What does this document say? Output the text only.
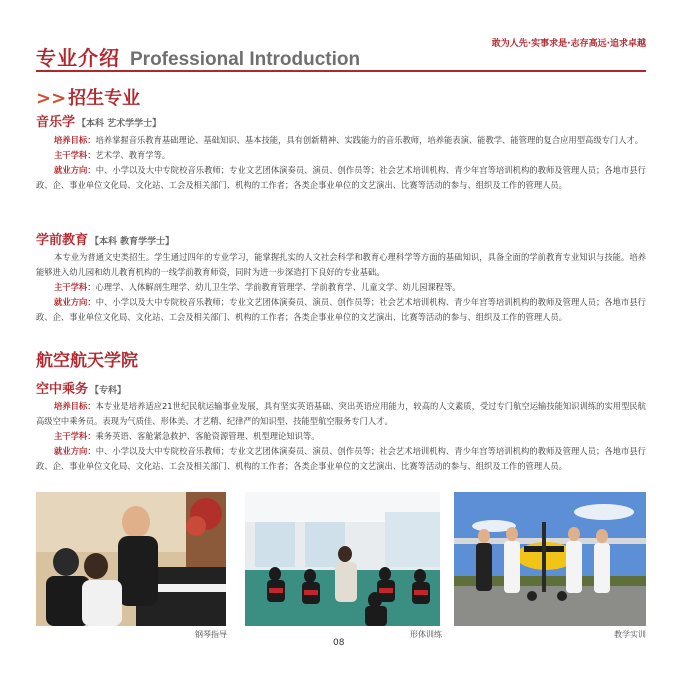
专业介绍 Professional Introduction
敢为人先·实事求是·志存高远·追求卓越
>> 招生专业
音乐学 【本科 艺术学学士】
培养目标：培养掌握音乐教育基础理论、基础知识、基本技能，具有创新精神、实践能力的音乐教师，培养能表演、能教学、能管理的复合应用型高级专门人才。
主干学科：艺术学、教育学等。
就业方向：中、小学以及大中专院校音乐教师；专业文艺团体演奏员、演员、创作员等；社会艺术培训机构、青少年宫等培训机构的教师及管理人员；各地市县行政、企、事业单位文化局、文化站、工会及相关部门、机构的工作者；各类企事业单位的文艺演出、比赛等活动的参与、组织及工作的管理人员。
学前教育 【本科 教育学学士】
本专业为普通文史类招生。学生通过四年的专业学习，能掌握扎实的人文社会科学和教育心理科学等方面的基础知识，具备全面的学前教育专业知识与技能。培养能够进入幼儿园和幼儿教育机构的一线学前教育师资，同时为进一步深造打下良好的专业基础。
主干学科：心理学、人体解剖生理学、幼儿卫生学、学前教育管理学、学前教育学、儿童文学、幼儿园课程等。
就业方向：中、小学以及大中专院校音乐教师；专业文艺团体演奏员、演员、创作员等；社会艺术培训机构、青少年宫等培训机构的教师及管理人员；各地市县行政、企、事业单位文化局、文化站、工会及相关部门、机构的工作者；各类企事业单位的文艺演出、比赛等活动的参与、组织及工作的管理人员。
航空航天学院
空中乘务 【专科】
培养目标：本专业是培养适应21世纪民航运输事业发展，具有坚实英语基础、突出英语应用能力，较高的人文素质，受过专门航空运输技能知识训练的实用型民航高级空中乘务员。表现为气质佳、形体美、才艺精、纪律严的知识型、技能型航空服务专门人才。
主干学科：乘务英语、客舱紧急救护、客舱资源管理、机型理论知识等。
就业方向：中、小学以及大中专院校音乐教师；专业文艺团体演奏员、演员、创作员等；社会艺术培训机构、青少年宫等培训机构的教师及管理人员；各地市县行政、企、事业单位文化局、文化站、工会及相关部门、机构的工作者；各类企事业单位的文艺演出、比赛等活动的参与、组织及工作的管理人员。
钢琴指导	形体训练	教学实训
08
